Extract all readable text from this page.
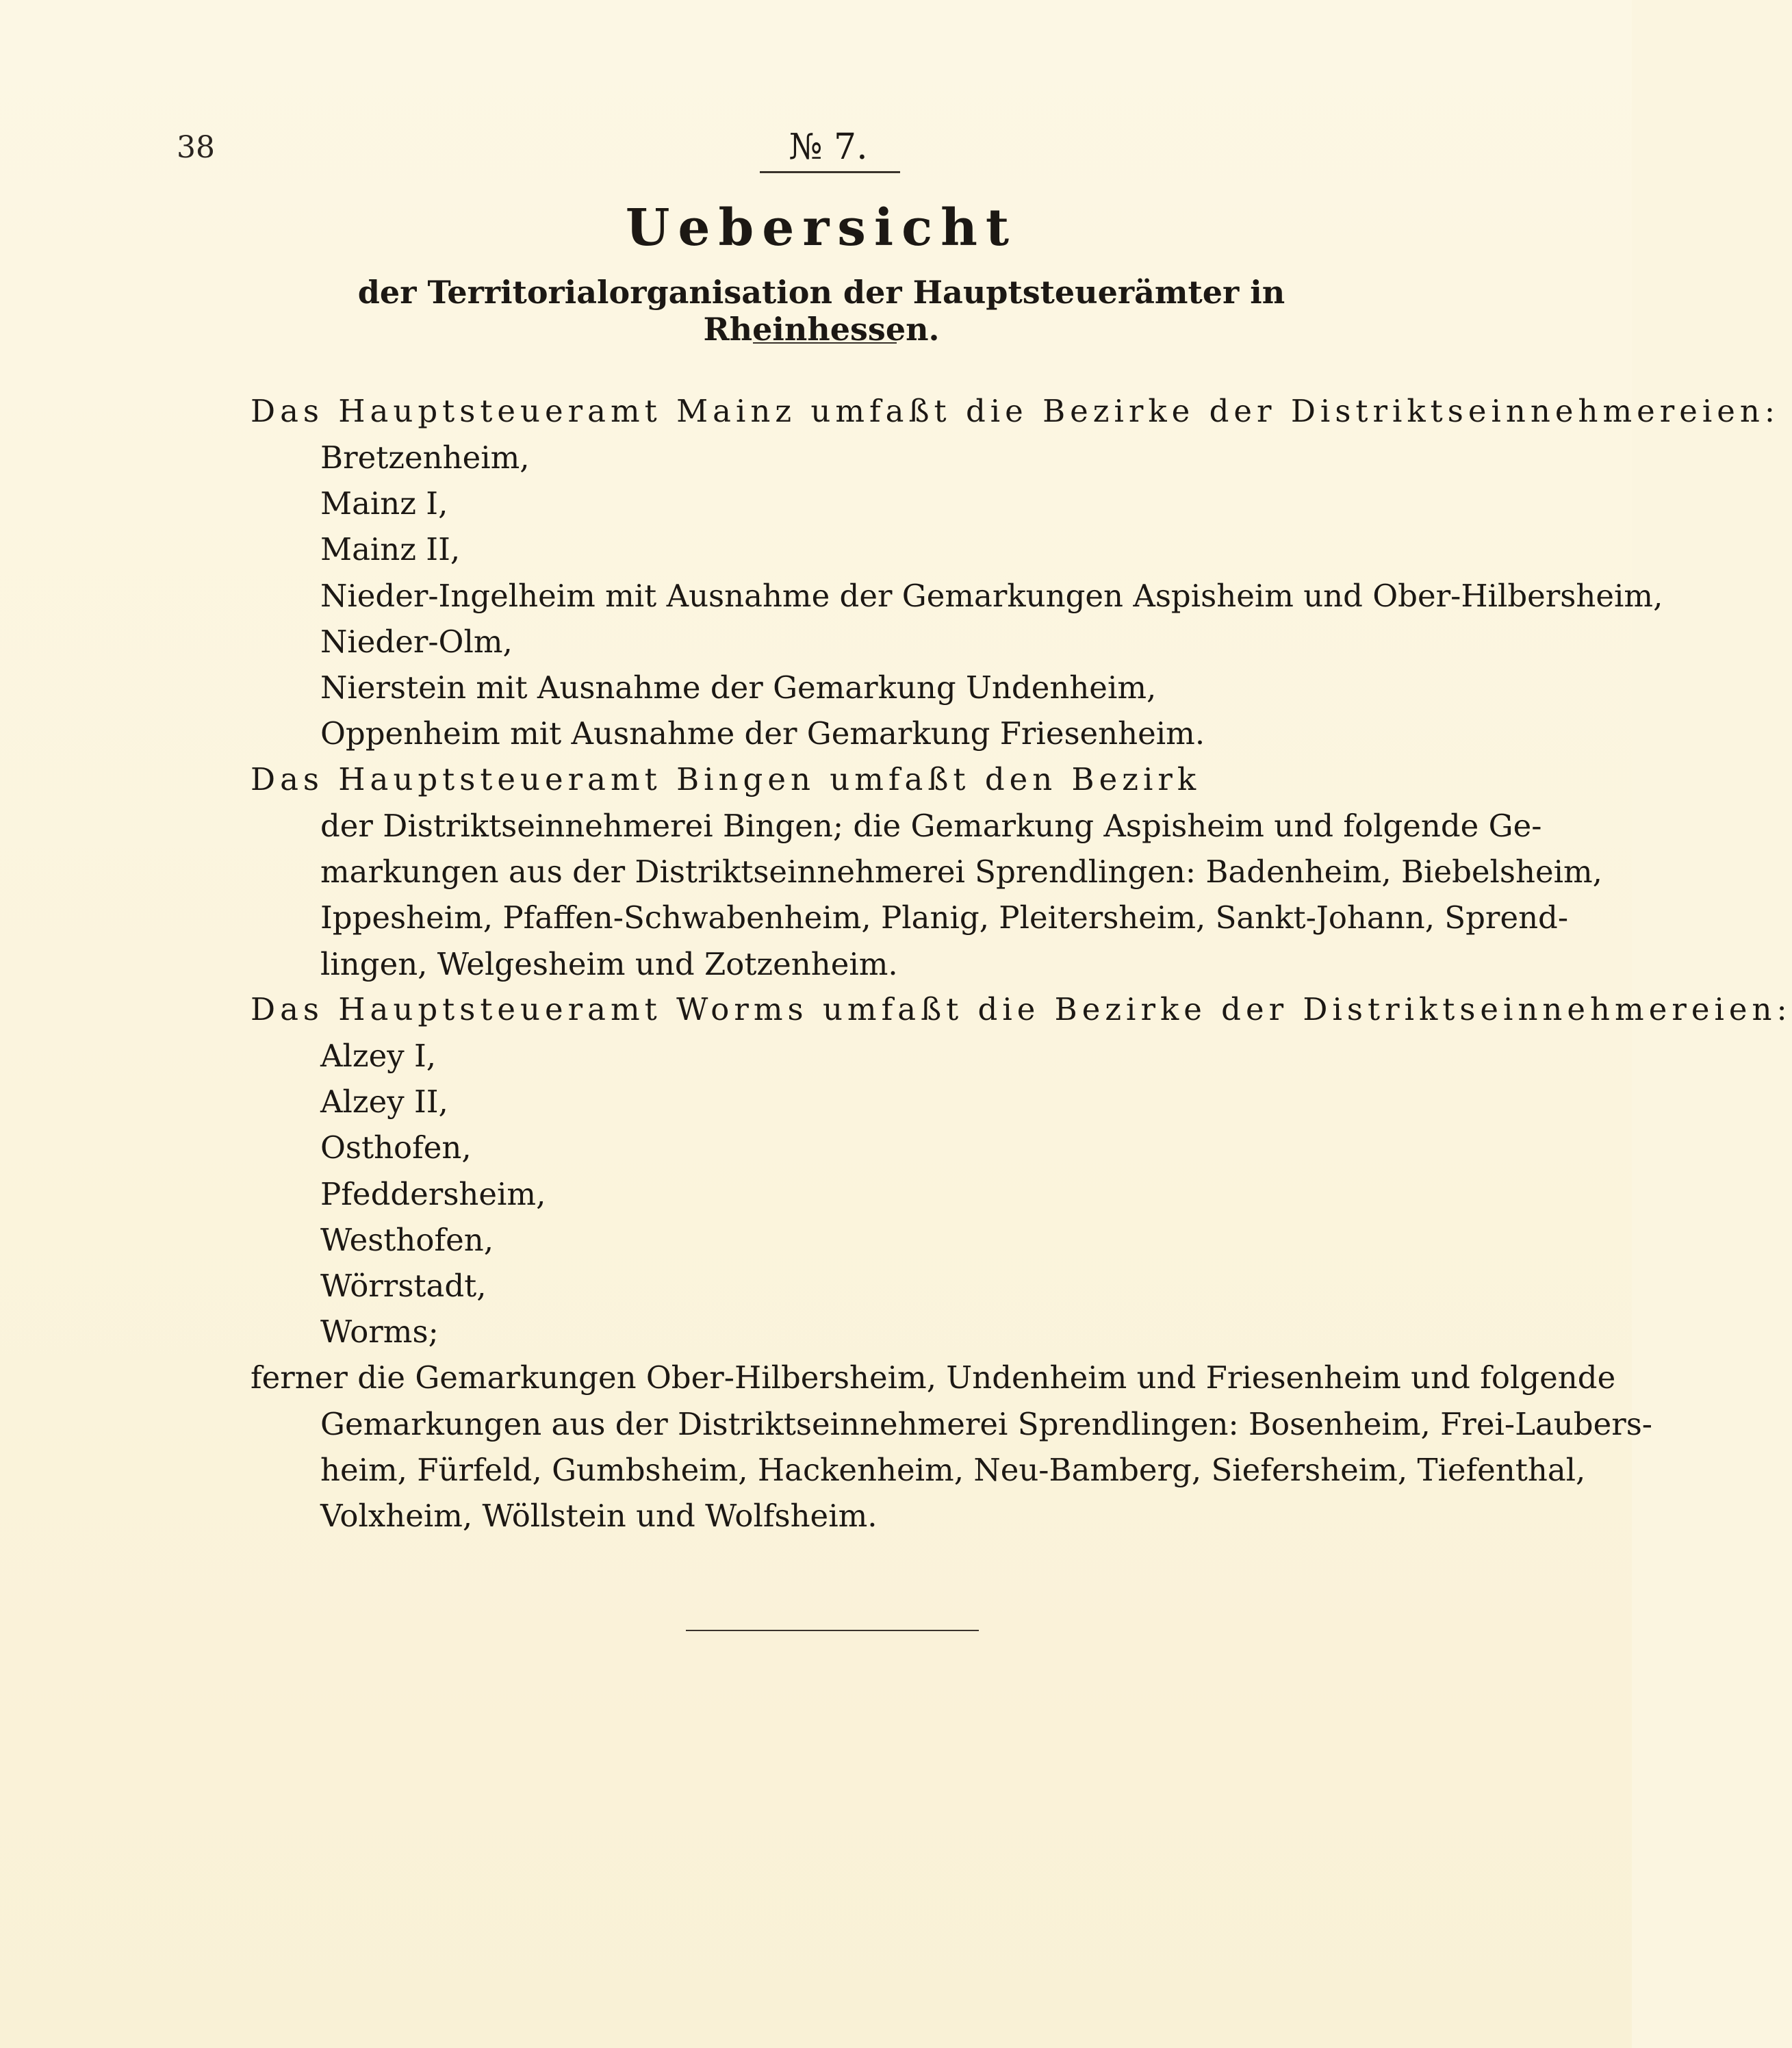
38	№ 7.
Uebersicht
der Territorialorganisation der Hauptsteuerämter in Rheinhessen.
Das Hauptsteueramt Mainz umfaßt die Bezirke der Distriktseinnehmereien:
Bretzenheim,
Mainz I,
Mainz II,
Nieder-Ingelheim mit Ausnahme der Gemarkungen Aspisheim und Ober-Hilbersheim,
Nieder-Olm,
Nierstein mit Ausnahme der Gemarkung Undenheim,
Oppenheim mit Ausnahme der Gemarkung Friesenheim.
Das Hauptsteueramt Bingen umfaßt den Bezirk
der Distriktseinnehmerei Bingen; die Gemarkung Aspisheim und folgende Ge-
markungen aus der Distriktseinnehmerei Sprendlingen: Badenheim, Biebelsheim,
Ippesheim, Pfaffen-Schwabenheim, Planig, Pleitersheim, Sankt-Johann, Sprend-
lingen, Welgesheim und Zotzenheim.
Das Hauptsteueramt Worms umfaßt die Bezirke der Distriktseinnehmereien:
Alzey I,
Alzey II,
Osthofen,
Pfeddersheim,
Westhofen,
Wörrstadt,
Worms;
ferner die Gemarkungen Ober-Hilbersheim, Undenheim und Friesenheim und folgende
Gemarkungen aus der Distriktseinnehmerei Sprendlingen: Bosenheim, Frei-Laubers-
heim, Fürfeld, Gumbsheim, Hackenheim, Neu-Bamberg, Siefersheim, Tiefenthal,
Volxheim, Wöllstein und Wolfsheim.
